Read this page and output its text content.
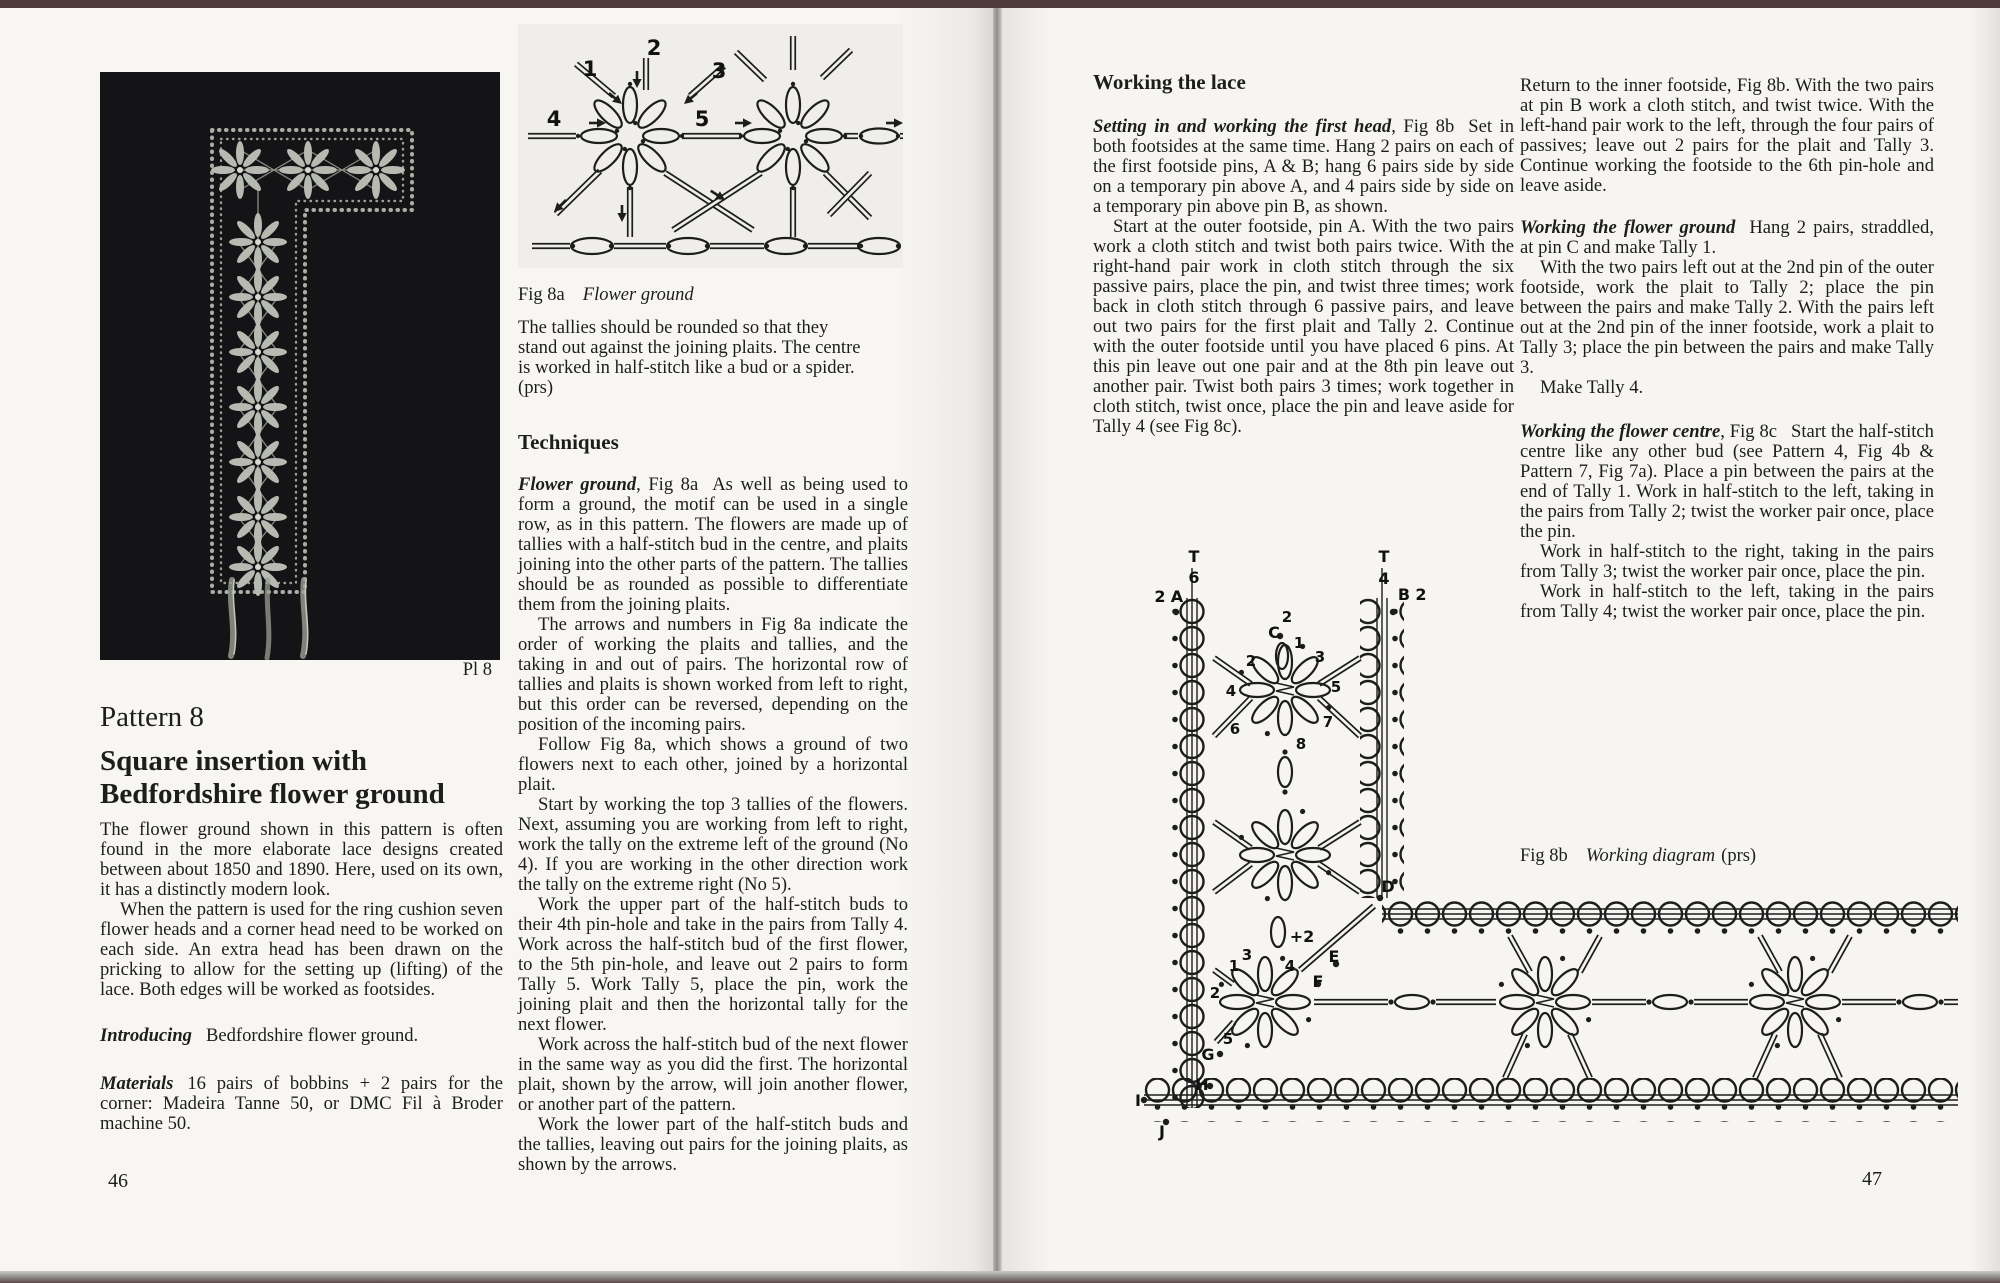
Pl 8
Pattern 8
Square insertion with
Bedfordshire flower ground

The flower ground shown in this pattern is often found in the more elaborate lace designs created between about 1850 and 1890. Here, used on its own, it has a distinctly modern look.

When the pattern is used for the ring cushion seven flower heads and a corner head need to be worked on each side. An extra head has been drawn on the pricking to allow for the setting up (lifting) of the lace. Both edges will be worked as footsides.

Introducing Bedfordshire flower ground.

Materials 16 pairs of bobbins + 2 pairs for the corner: Madeira Tanne 50, or DMC Fil à Broder machine 50.

46
1
2
3
4	5
Fig 8a Flower ground

The tallies should be rounded so that they stand out against the joining plaits. The centre is worked in half-stitch like a bud or a spider. (prs)

Techniques

Flower ground, Fig 8a As well as being used to form a ground, the motif can be used in a single row, as in this pattern. The flowers are made up of tallies with a half-stitch bud in the centre, and plaits joining into the other parts of the pattern. The tallies should be as rounded as possible to differentiate them from the joining plaits.

The arrows and numbers in Fig 8a indicate the order of working the plaits and tallies, and the taking in and out of pairs. The horizontal row of tallies and plaits is shown worked from left to right, but this order can be reversed, depending on the position of the incoming pairs.

Follow Fig 8a, which shows a ground of two flowers next to each other, joined by a horizontal plait.

Start by working the top 3 tallies of the flowers. Next, assuming you are working from left to right, work the tally on the extreme left of the ground (No 4). If you are working in the other direction work the tally on the extreme right (No 5).

Work the upper part of the half-stitch buds to their 4th pin-hole and take in the pairs from Tally 4. Work across the half-stitch bud of the first flower, to the 5th pin-hole, and leave out 2 pairs to form Tally 5. Work Tally 5, place the pin, work the joining plait and then the horizontal tally for the next flower.

Work across the half-stitch bud of the next flower in the same way as you did the first. The horizontal plait, shown by the arrow, will join another flower, or another part of the pattern.

Work the lower part of the half-stitch buds and the tallies, leaving out pairs for the joining plaits, as shown by the arrows.

Working the lace

Setting in and working the first head, Fig 8b Set in both footsides at the same time. Hang 2 pairs on each of the first footside pins, A & B; hang 6 pairs side by side on a temporary pin above A, and 4 pairs side by side on a temporary pin above pin B, as shown.

Start at the outer footside, pin A. With the two pairs work a cloth stitch and twist both pairs twice. With the right-hand pair work in cloth stitch through the six passive pairs, place the pin, and twist three times; work back in cloth stitch through 6 passive pairs, and leave out two pairs for the first plait and Tally 2. Continue with the outer footside until you have placed 6 pins. At this pin leave out one pair and at the 8th pin leave out another pair. Twist both pairs 3 times; work together in cloth stitch, twist once, place the pin and leave aside for Tally 4 (see Fig 8c).

Return to the inner footside, Fig 8b. With the two pairs at pin B work a cloth stitch, and twist twice. With the left-hand pair work to the left, through the four pairs of passives; leave out 2 pairs for the plait and Tally 3. Continue working the footside to the 6th pin-hole and leave aside.

Working the flower ground Hang 2 pairs, straddled, at pin C and make Tally 1.

With the two pairs left out at the 2nd pin of the outer footside, work the plait to Tally 2; place the pin between the pairs and make Tally 2. With the pairs left out at the 2nd pin of the inner footside, work a plait to Tally 3; place the pin between the pairs and make Tally 3.

Make Tally 4.

Working the flower centre, Fig 8c Start the half-stitch centre like any other bud (see Pattern 4, Fig 4b & Pattern 7, Fig 7a). Place a pin between the pairs at the end of Tally 1. Work in half-stitch to the left, taking in the pairs from Tally 2; twist the worker pair once, place the pin.

Work in half-stitch to the right, taking in the pairs from Tally 3; twist the worker pair once, place the pin.

Work in half-stitch to the left, taking in the pairs from Tally 4; twist the worker pair once, place the pin.

Fig 8b Working diagram (prs)
T
6
2 A
T
4
B 2
C
2
1
2	3
4	5
6	7
8
D
+2
E
F
3
1	4
2
5
G
H
I
J
47
